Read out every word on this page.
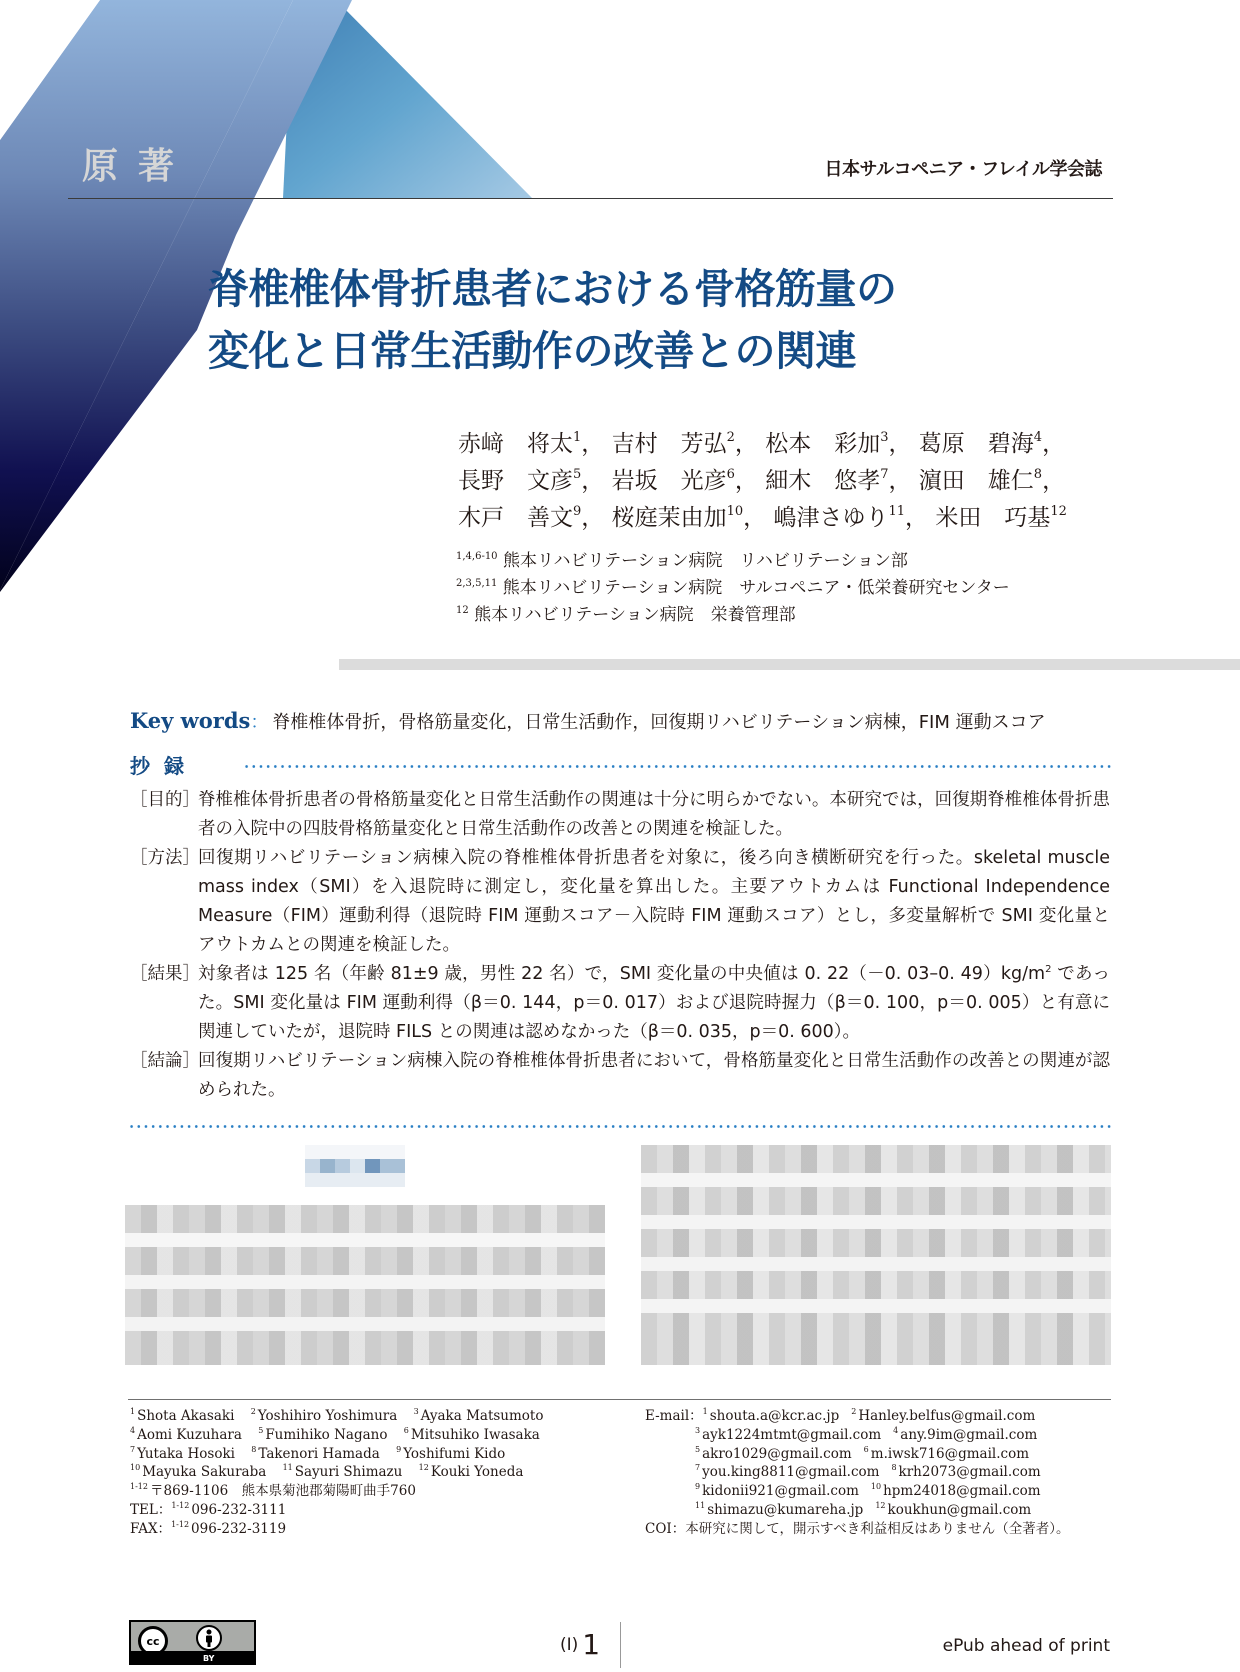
原著	日本サルコペニア・フレイル学会誌
脊椎椎体骨折患者における骨格筋量の
変化と日常生活動作の改善との関連
赤﨑　将太$^1$， 吉村　芳弘$^2$， 松本　彩加$^3$， 葛原　碧海$^4$，
長野　文彦$^5$， 岩坂　光彦$^6$， 細木　悠孝$^7$， 濵田　雄仁$^8$，
木戸　善文$^9$， 桜庭茉由加$^{10}$， 嶋津さゆり$^{11}$， 米田　巧基$^{12}$
$^{1,4,6-10}$ 熊本リハビリテーション病院　リハビリテーション部
$^{2,3,5,11}$ 熊本リハビリテーション病院　サルコペニア・低栄養研究センター
$^{12}$ 熊本リハビリテーション病院　栄養管理部
Key words： 脊椎椎体骨折，骨格筋量変化，日常生活動作，回復期リハビリテーション病棟，FIM 運動スコア
抄録
［目的］
脊椎椎体骨折患者の骨格筋量変化と日常生活動作の関連は十分に明らかでない。本研究では，回復期脊椎椎体骨折患者の入院中の四肢骨格筋量変化と日常生活動作の改善との関連を検証した。
［方法］
回復期リハビリテーション病棟入院の脊椎椎体骨折患者を対象に，後ろ向き横断研究を行った。skeletal muscle mass index（SMI）を入退院時に測定し，変化量を算出した。主要アウトカムは Functional Independence Measure（FIM）運動利得（退院時 FIM 運動スコア－入院時 FIM 運動スコア）とし，多変量解析で SMI 変化量とアウトカムとの関連を検証した。
［結果］
対象者は 125 名（年齢 81±9 歳，男性 22 名）で，SMI 変化量の中央値は 0. 22（－0. 03–0. $49)kg/m^2$ であった。SMI 変化量は FIM 運動利得（β＝0. 144，p＝0. 017）および退院時握力（β＝0. 100，p＝0. 005）と有意に関連していたが，退院時 FILS との関連は認めなかった（β＝0. 035，p＝0. 600）。
［結論］
回復期リハビリテーション病棟入院の脊椎椎体骨折患者において，骨格筋量変化と日常生活動作の改善との関連が認められた。
$^1$ Shota Akasaki $^2$ Yoshihiro Yoshimura $^3$ Ayaka Matsumoto
$^4$ Aomi Kuzuhara $^5$ Fumihiko Nagano $^6$ Mitsuhiko Iwasaka
$^7$ Yutaka Hosoki $^8$ Takenori Hamada $^9$ Yoshifumi Kido
$^{10}$ Mayuka Sakuraba $^{11}$ Sayuri Shimazu $^{12}$ Kouki Yoneda
$^{1-12}$ 〒869-1106　熊本県菊池郡菊陽町曲手760
TEL：$^{1-12}$ 096-232-3111
FAX：$^{1-12}$ 096-232-3119
E-mail：$^1$ shouta.a@kcr.ac.jp $^2$ Hanley.belfus@gmail.com
$^3$ ayk1224mtmt@gmail.com $^4$ any.9im@gmail.com
$^5$ akro1029@gmail.com $^6$ m.iwsk716@gmail.com
$^7$ you.king8811@gmail.com $^8$ krh2073@gmail.com
$^9$ kidonii921@gmail.com $^{10}$ hpm24018@gmail.com
$^{11}$ shimazu@kumareha.jp $^{12}$ koukhun@gmail.com
COI：本研究に関して，開示すべき利益相反はありません（全著者）。
cc
BY
(I) 1	ePub ahead of print
